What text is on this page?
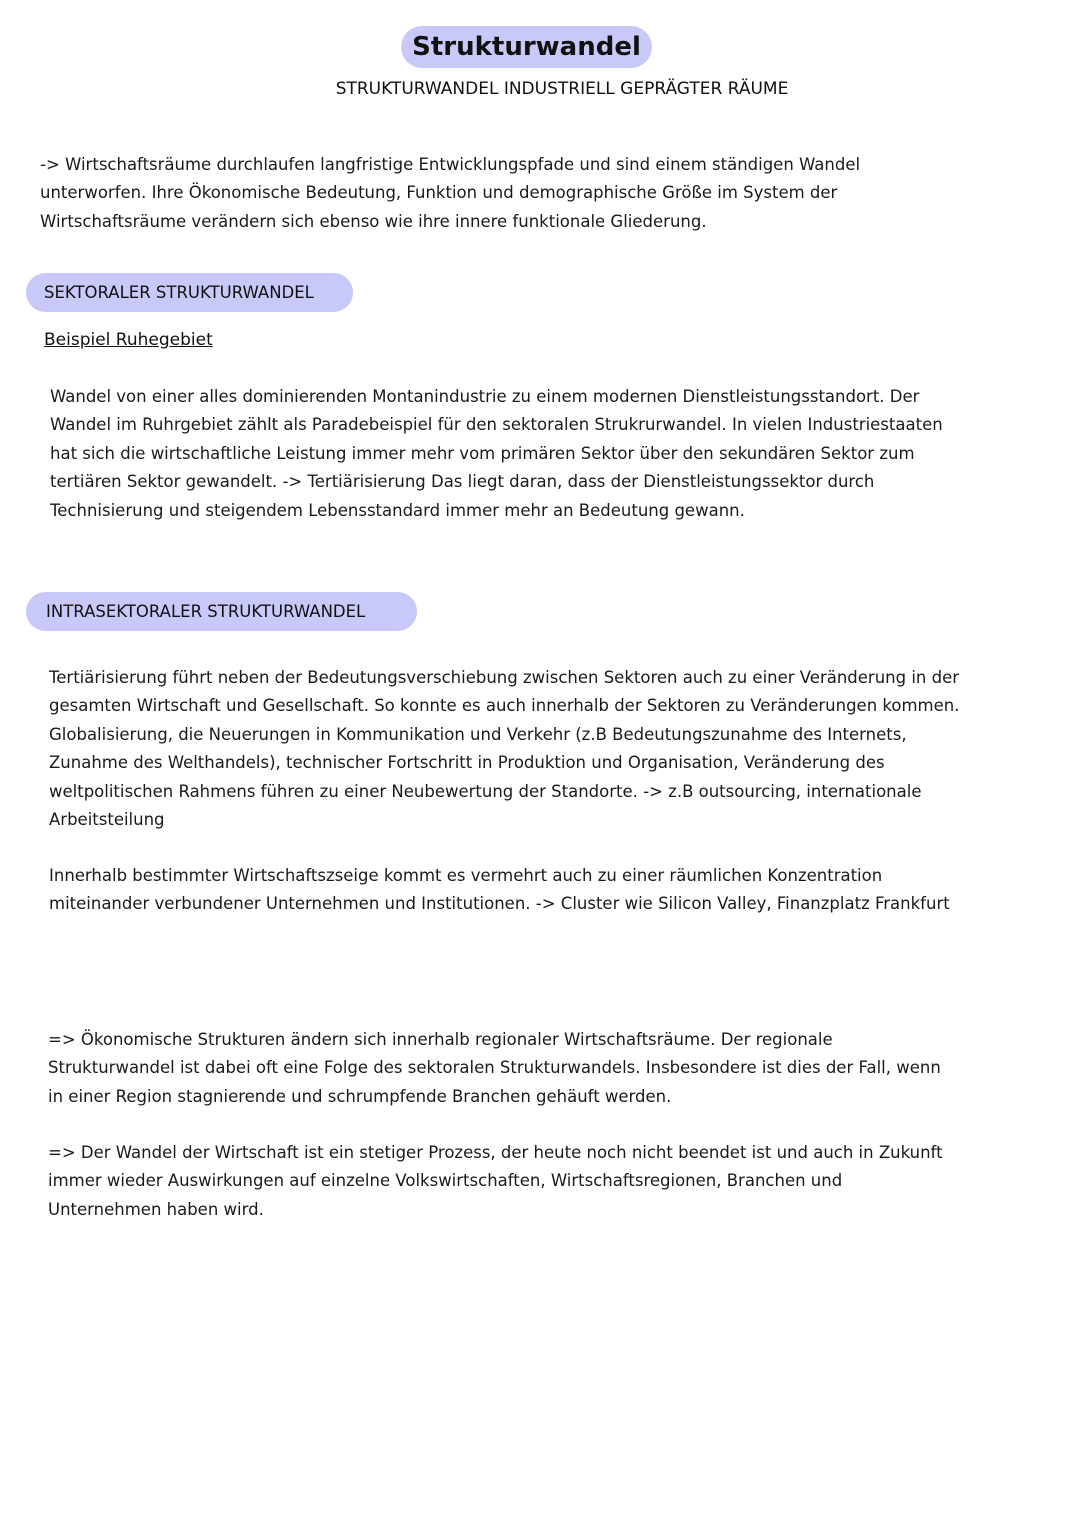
Strukturwandel
STRUKTURWANDEL INDUSTRIELL GEPRÄGTER RÄUME

-> Wirtschaftsräume durchlaufen langfristige Entwicklungspfade und sind einem ständigen Wandel unterworfen. Ihre Ökonomische Bedeutung, Funktion und demographische Größe im System der Wirtschaftsräume verändern sich ebenso wie ihre innere funktionale Gliederung.

SEKTORALER STRUKTURWANDEL
Beispiel Ruhegebiet

Wandel von einer alles dominierenden Montanindustrie zu einem modernen Dienstleistungsstandort. Der Wandel im Ruhrgebiet zählt als Paradebeispiel für den sektoralen Strukrurwandel. In vielen Industriestaaten hat sich die wirtschaftliche Leistung immer mehr vom primären Sektor über den sekundären Sektor zum tertiären Sektor gewandelt. -> Tertiärisierung Das liegt daran, dass der Dienstleistungssektor durch Technisierung und steigendem Lebensstandard immer mehr an Bedeutung gewann.

INTRASEKTORALER STRUKTURWANDEL

Tertiärisierung führt neben der Bedeutungsverschiebung zwischen Sektoren auch zu einer Veränderung in der gesamten Wirtschaft und Gesellschaft. So konnte es auch innerhalb der Sektoren zu Veränderungen kommen. Globalisierung, die Neuerungen in Kommunikation und Verkehr (z.B Bedeutungszunahme des Internets, Zunahme des Welthandels), technischer Fortschritt in Produktion und Organisation, Veränderung des weltpolitischen Rahmens führen zu einer Neubewertung der Standorte. -> z.B outsourcing, internationale Arbeitsteilung

Innerhalb bestimmter Wirtschaftszseige kommt es vermehrt auch zu einer räumlichen Konzentration miteinander verbundener Unternehmen und Institutionen. -> Cluster wie Silicon Valley, Finanzplatz Frankfurt

=> Ökonomische Strukturen ändern sich innerhalb regionaler Wirtschaftsräume. Der regionale Strukturwandel ist dabei oft eine Folge des sektoralen Strukturwandels. Insbesondere ist dies der Fall, wenn in einer Region stagnierende und schrumpfende Branchen gehäuft werden.

=> Der Wandel der Wirtschaft ist ein stetiger Prozess, der heute noch nicht beendet ist und auch in Zukunft immer wieder Auswirkungen auf einzelne Volkswirtschaften, Wirtschaftsregionen, Branchen und Unternehmen haben wird.
